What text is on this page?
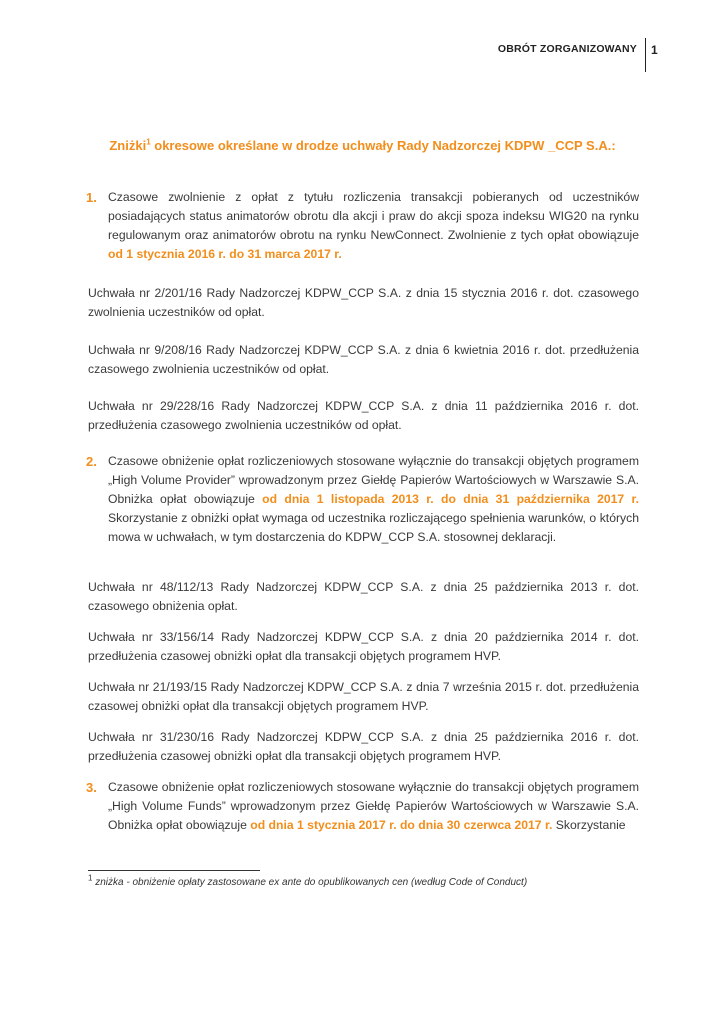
OBRÓT ZORGANIZOWANY 1
Zniżki$^1$ okresowe określane w drodze uchwały Rady Nadzorczej KDPW _CCP S.A.:
1. Czasowe zwolnienie z opłat z tytułu rozliczenia transakcji pobieranych od uczestników posiadających status animatorów obrotu dla akcji i praw do akcji spoza indeksu WIG20 na rynku regulowanym oraz animatorów obrotu na rynku NewConnect. Zwolnienie z tych opłat obowiązuje od 1 stycznia 2016 r. do 31 marca 2017 r.
Uchwała nr 2/201/16 Rady Nadzorczej KDPW_CCP S.A. z dnia 15 stycznia 2016 r. dot. czasowego zwolnienia uczestników od opłat.
Uchwała nr 9/208/16 Rady Nadzorczej KDPW_CCP S.A. z dnia 6 kwietnia 2016 r. dot. przedłużenia czasowego zwolnienia uczestników od opłat.
Uchwała nr 29/228/16 Rady Nadzorczej KDPW_CCP S.A. z dnia 11 października 2016 r. dot. przedłużenia czasowego zwolnienia uczestników od opłat.
2. Czasowe obniżenie opłat rozliczeniowych stosowane wyłącznie do transakcji objętych programem „High Volume Provider” wprowadzonym przez Giełdę Papierów Wartościowych w Warszawie S.A. Obniżka opłat obowiązuje od dnia 1 listopada 2013 r. do dnia 31 października 2017 r. Skorzystanie z obniżki opłat wymaga od uczestnika rozliczającego spełnienia warunków, o których mowa w uchwałach, w tym dostarczenia do KDPW_CCP S.A. stosownej deklaracji.
Uchwała nr 48/112/13 Rady Nadzorczej KDPW_CCP S.A. z dnia 25 października 2013 r. dot. czasowego obniżenia opłat.
Uchwała nr 33/156/14 Rady Nadzorczej KDPW_CCP S.A. z dnia 20 października 2014 r. dot. przedłużenia czasowej obniżki opłat dla transakcji objętych programem HVP.
Uchwała nr 21/193/15 Rady Nadzorczej KDPW_CCP S.A. z dnia 7 września 2015 r. dot. przedłużenia czasowej obniżki opłat dla transakcji objętych programem HVP.
Uchwała nr 31/230/16 Rady Nadzorczej KDPW_CCP S.A. z dnia 25 października 2016 r. dot. przedłużenia czasowej obniżki opłat dla transakcji objętych programem HVP.
3. Czasowe obniżenie opłat rozliczeniowych stosowane wyłącznie do transakcji objętych programem „High Volume Funds” wprowadzonym przez Giełdę Papierów Wartościowych w Warszawie S.A. Obniżka opłat obowiązuje od dnia 1 stycznia 2017 r. do dnia 30 czerwca 2017 r. Skorzystanie
$^1$ zniżka - obniżenie opłaty zastosowane ex ante do opublikowanych cen (według Code of Conduct)
